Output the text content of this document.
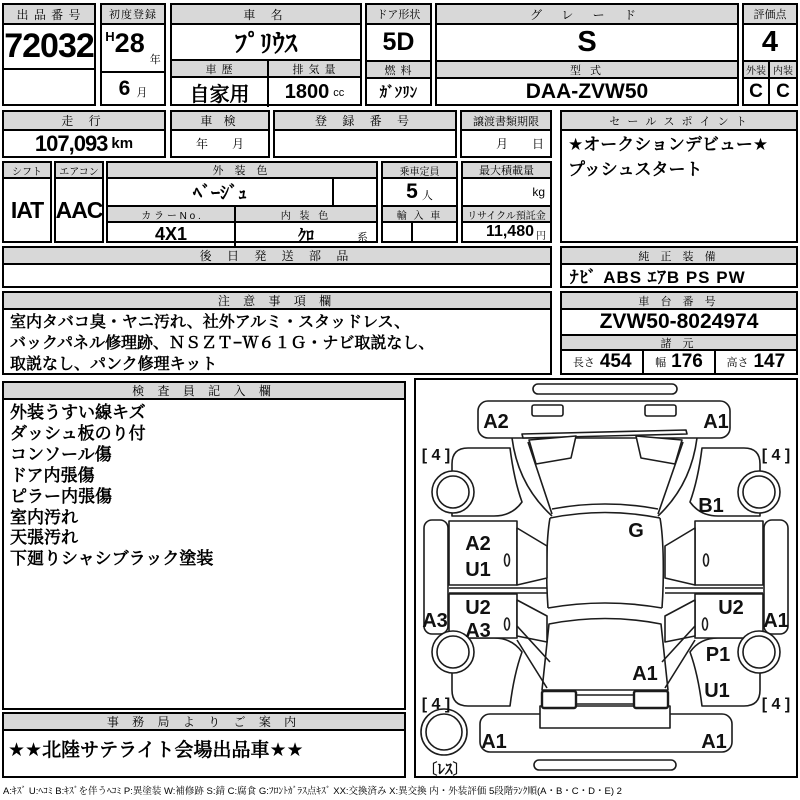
出 品 番 号
72032
初度登録
H 28
年
6 月
車 名
ﾌﾟﾘｳｽ
車 歴
自家用
排 気 量
1800 cc
ドア形状
5D
燃 料
ｶﾞｿﾘﾝ
グ レ ー ド
S
型 式
DAA-ZVW50
評価点
4
外装
C
内装
C
走 行
107,093 km
車 検
年　　月
登 録 番 号	譲渡書類期限
月　　日
セ ー ル ス ポ イ ン ト
★オークションデビュー★
プッシュスタート
シフト
IAT
エアコン
AAC
外 装 色
ﾍﾞｰｼﾞｭ
カ ラ ー N o .	内 装 色
4X1	ｸﾛ	系
乗車定員
5 人
輸 入 車
最大積載量
kg
リサイクル預託金
11,480 円
後 日 発 送 部 品	純 正 装 備
ﾅﾋﾞ ABS ｴｱB PS PW
注 意 事 項 欄
室内タバコ臭・ヤニ汚れ、社外アルミ・スタッドレス、
バックパネル修理跡、ＮＳＺＴ−Ｗ６１Ｇ・ナビ取説なし、
取説なし、パンク修理キット
車 台 番 号
ZVW50-8024974
諸 元
長さ 454 幅 176 高さ 147
検 査 員 記 入 欄
外装うすい線キズ
ダッシュ板のり付
コンソール傷
ドア内張傷
ピラー内張傷
室内汚れ
天張汚れ
下廻りシャシブラック塗装
事 務 局 よ り ご 案 内
★★北陸サテライト会場出品車★★
A2	A1
[ 4 ]	[ 4 ]
B1
G
A2
U1
U2
A3
A3
U2
A1
P1
U1
A1
A1	A1
[ 4 ]	[ 4 ]
〔ﾚｽ〕
A:ｷｽﾞ U:ﾍｺﾐ B:ｷｽﾞを伴うﾍｺﾐ P:異塗装 W:補修跡 S:錆 C:腐食 G:ﾌﾛﾝﾄｶﾞﾗｽ点ｷｽﾞ XX:交換済み X:異交換 内・外装評価 5段階ﾗﾝｸ順(A・B・C・D・E) 2
